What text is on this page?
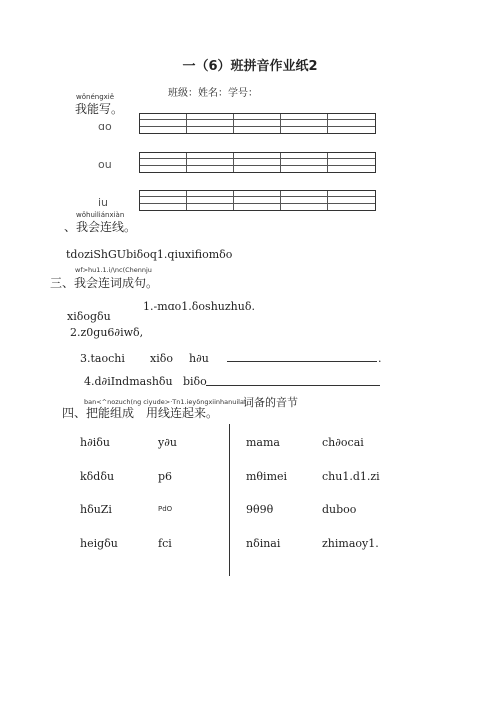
一（6）班拼音作业纸2
班级：姓名：学号：
wǒnéngxiě
我能写。
ɑo
ou
iu
wǒhuìliánxiàn
、我会连线。
tdoziShGUbiδoq1.qiuxifiomδo
wf>hu1.1.i/\nc(Chennju
三、我会连词成句。
1.-mɑo1.δoshuzhuδ.
xiδogδu
2.z0gu6∂iwδ,
3.taochi xiδo h∂u	.
4.d∂iIndmashδu biδo
ban<^nozuch(ng ciyude>·Tn1.ieyδngxiinhanuilai
词备的音节
四、把能组成　用线连起来。
h∂iδu	y∂u	mama	ch∂ocai
kδdδu	p6	mθimei	chu1.d1.zi
hδuZi	PdO	9θ9θ	duboo
heigδu	fci	nδinai	zhimaoy1.
